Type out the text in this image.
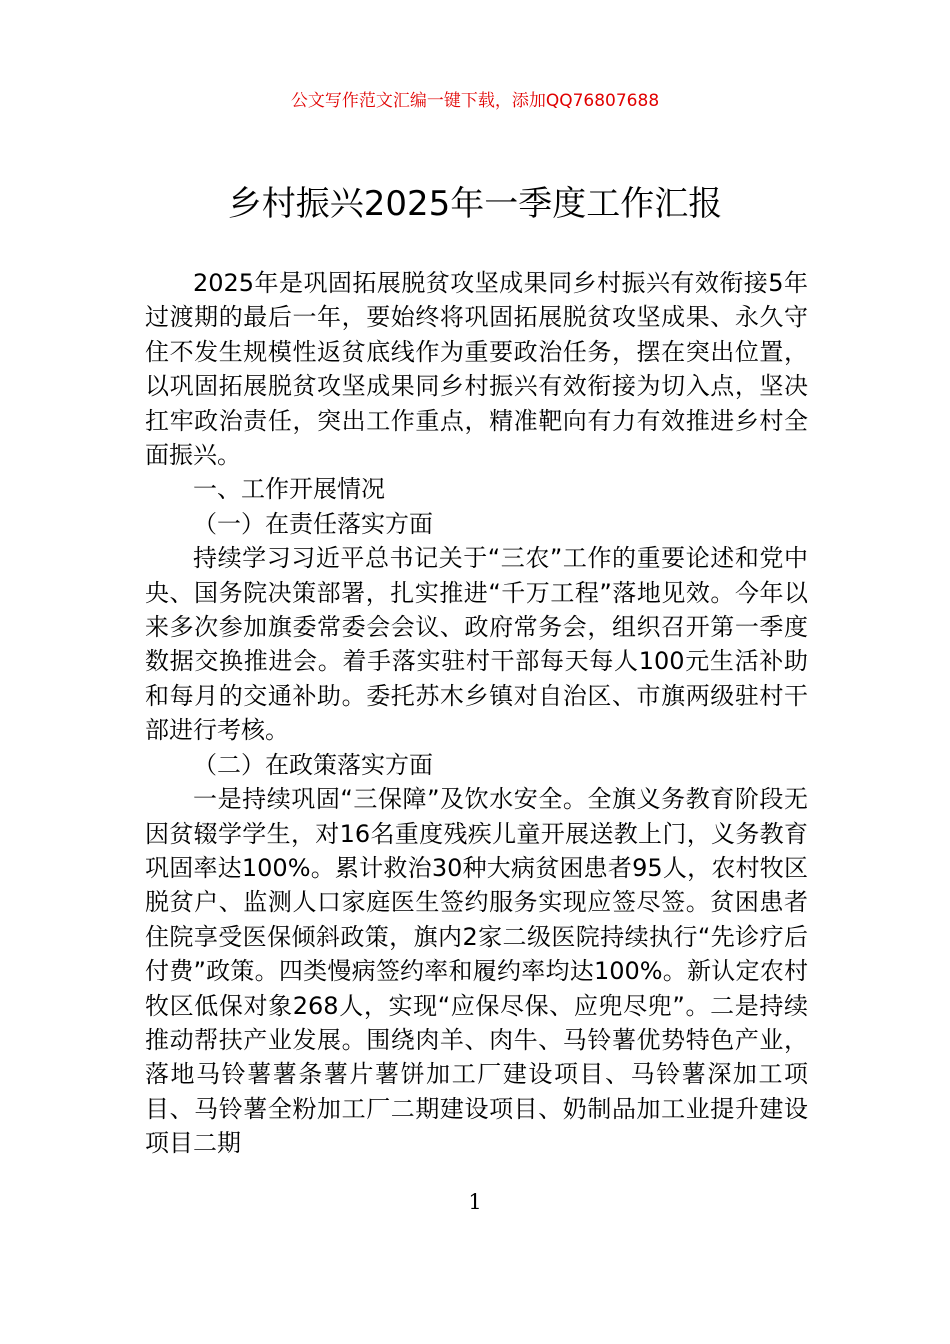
公文写作范文汇编一键下载，添加QQ76807688
乡村振兴2025年一季度工作汇报

2025年是巩固拓展脱贫攻坚成果同乡村振兴有效衔接5年过渡期的最后一年，要始终将巩固拓展脱贫攻坚成果、永久守住不发生规模性返贫底线作为重要政治任务，摆在突出位置，以巩固拓展脱贫攻坚成果同乡村振兴有效衔接为切入点，坚决扛牢政治责任，突出工作重点，精准靶向有力有效推进乡村全面振兴。

一、工作开展情况

（一）在责任落实方面

持续学习习近平总书记关于“三农”工作的重要论述和党中央、国务院决策部署，扎实推进“千万工程”落地见效。今年以来多次参加旗委常委会会议、政府常务会，组织召开第一季度数据交换推进会。着手落实驻村干部每天每人100元生活补助和每月的交通补助。委托苏木乡镇对自治区、市旗两级驻村干部进行考核。

（二）在政策落实方面

一是持续巩固“三保障”及饮水安全。全旗义务教育阶段无因贫辍学学生，对16名重度残疾儿童开展送教上门，义务教育巩固率达100%。累计救治30种大病贫困患者95人，农村牧区脱贫户、监测人口家庭医生签约服务实现应签尽签。贫困患者住院享受医保倾斜政策，旗内2家二级医院持续执行“先诊疗后付费”政策。四类慢病签约率和履约率均达100%。新认定农村牧区低保对象268人，实现“应保尽保、应兜尽兜”。二是持续推动帮扶产业发展。围绕肉羊、肉牛、马铃薯优势特色产业，落地马铃薯薯条薯片薯饼加工厂建设项目、马铃薯深加工项目、马铃薯全粉加工厂二期建设项目、奶制品加工业提升建设项目二期

1
